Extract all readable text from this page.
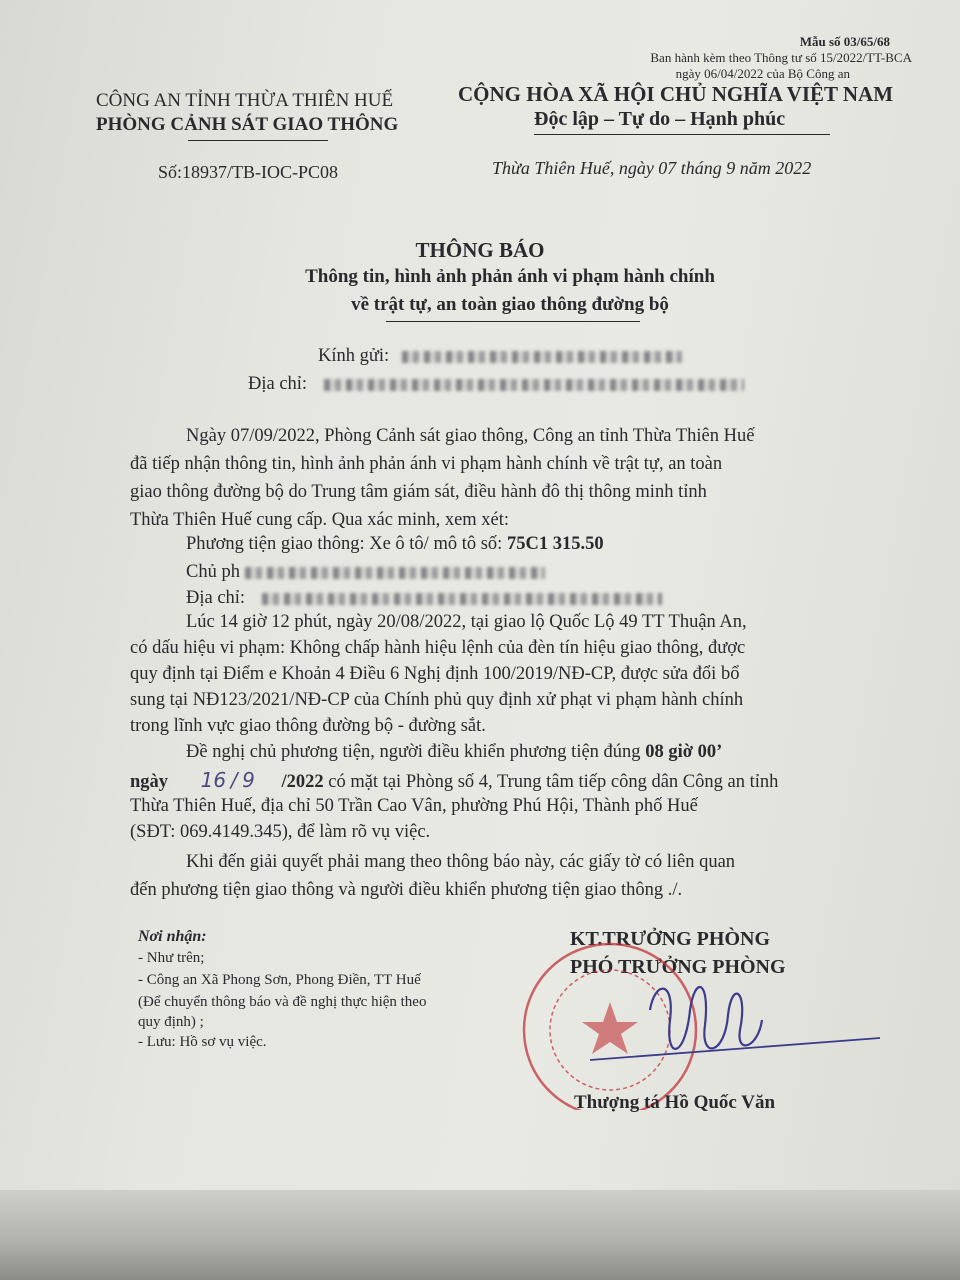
Mẫu số 03/65/68
Ban hành kèm theo Thông tư số 15/2022/TT-BCA
ngày 06/04/2022 của Bộ Công an
CÔNG AN TỈNH THỪA THIÊN HUẾ
PHÒNG CẢNH SÁT GIAO THÔNG
CỘNG HÒA XÃ HỘI CHỦ NGHĨA VIỆT NAM
Độc lập – Tự do – Hạnh phúc
Số:18937/TB-IOC-PC08	Thừa Thiên Huế, ngày 07 tháng 9 năm 2022
THÔNG BÁO
Thông tin, hình ảnh phản ánh vi phạm hành chính
về trật tự, an toàn giao thông đường bộ
Kính gửi:
Địa chỉ:
Ngày 07/09/2022, Phòng Cảnh sát giao thông, Công an tỉnh Thừa Thiên Huế
đã tiếp nhận thông tin, hình ảnh phản ánh vi phạm hành chính về trật tự, an toàn
giao thông đường bộ do Trung tâm giám sát, điều hành đô thị thông minh tỉnh
Thừa Thiên Huế cung cấp. Qua xác minh, xem xét:
Phương tiện giao thông: Xe ô tô/ mô tô số: 75C1 315.50
Chủ ph
Địa chỉ:
Lúc 14 giờ 12 phút, ngày 20/08/2022, tại giao lộ Quốc Lộ 49 TT Thuận An,
có dấu hiệu vi phạm: Không chấp hành hiệu lệnh của đèn tín hiệu giao thông, được
quy định tại Điểm e Khoản 4 Điều 6 Nghị định 100/2019/NĐ-CP, được sửa đổi bổ
sung tại NĐ123/2021/NĐ-CP của Chính phủ quy định xử phạt vi phạm hành chính
trong lĩnh vực giao thông đường bộ - đường sắt.
Đề nghị chủ phương tiện, người điều khiển phương tiện đúng 08 giờ 00’
ngày 16 / 9 /2022 có mặt tại Phòng số 4, Trung tâm tiếp công dân Công an tỉnh
Thừa Thiên Huế, địa chỉ 50 Trần Cao Vân, phường Phú Hội, Thành phố Huế
(SĐT: 069.4149.345), để làm rõ vụ việc.
Khi đến giải quyết phải mang theo thông báo này, các giấy tờ có liên quan
đến phương tiện giao thông và người điều khiển phương tiện giao thông ./.
Nơi nhận:
- Như trên;
- Công an Xã Phong Sơn, Phong Điền, TT Huế
(Để chuyển thông báo và đề nghị thực hiện theo
quy định) ;
- Lưu: Hồ sơ vụ việc.
KT.TRƯỞNG PHÒNG
PHÓ TRƯỞNG PHÒNG
Thượng tá Hồ Quốc Văn
